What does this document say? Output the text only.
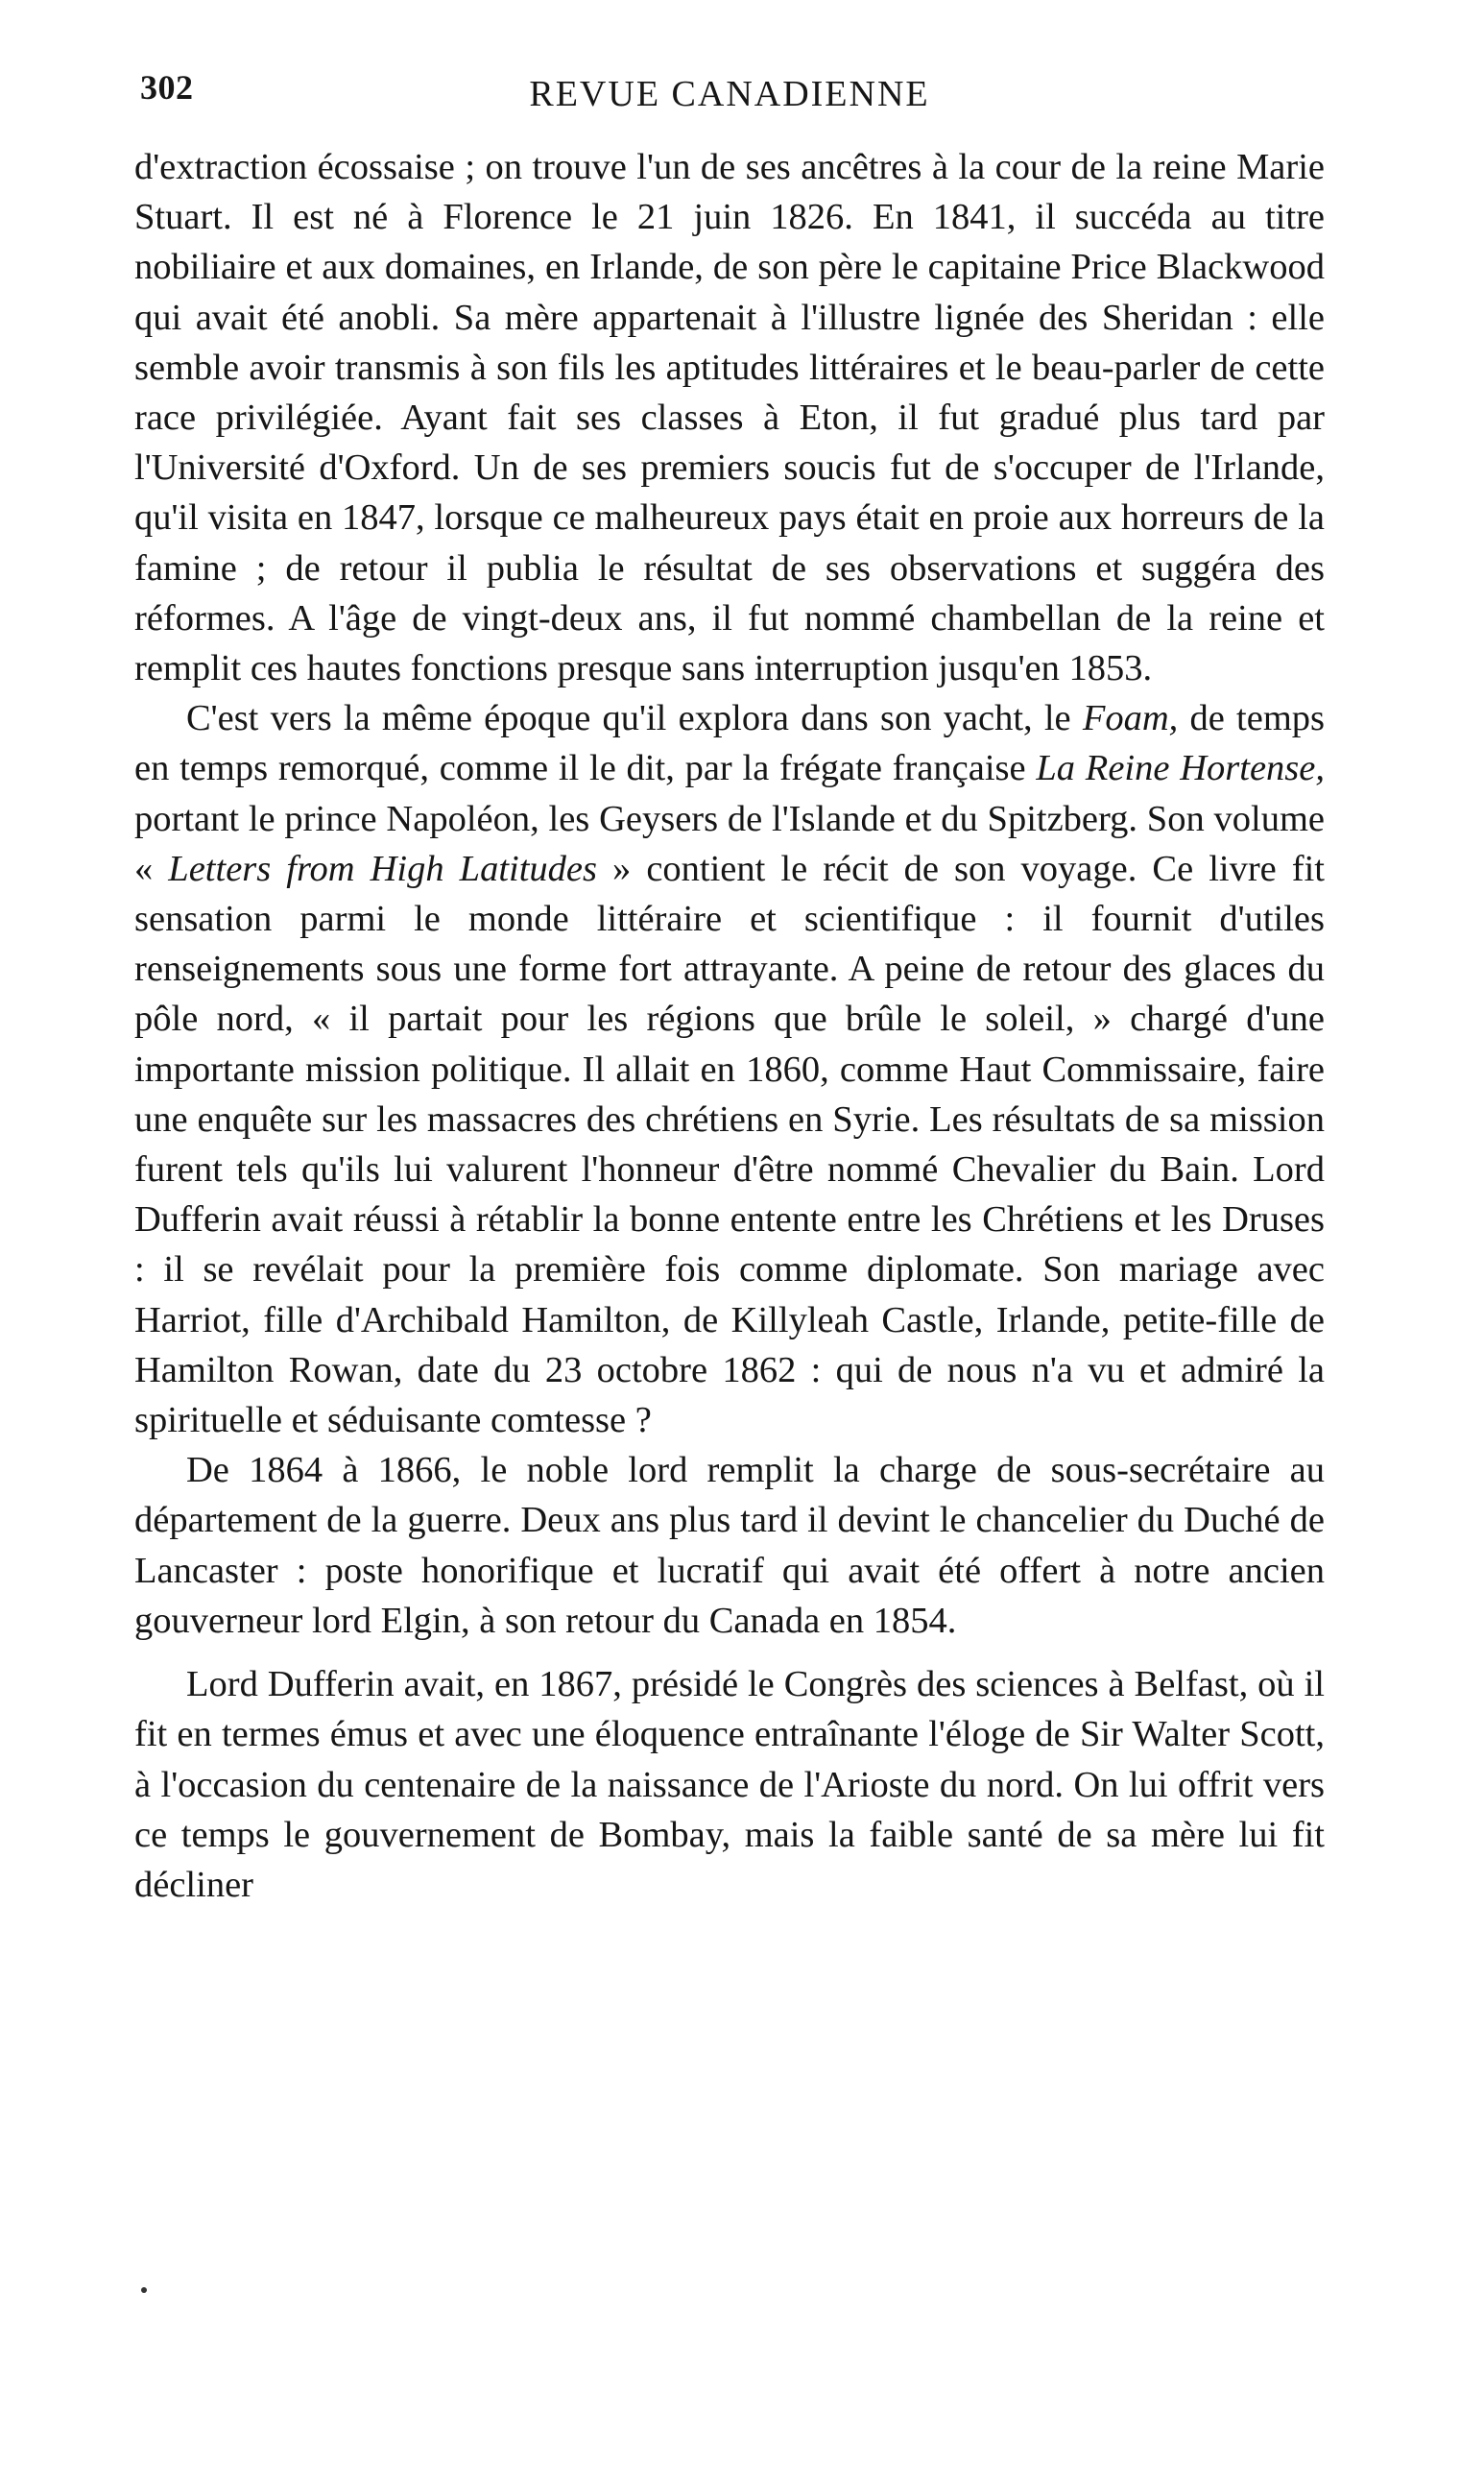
302	REVUE CANADIENNE

d'extraction écossaise ; on trouve l'un de ses ancêtres à la cour de la reine Marie Stuart. Il est né à Florence le 21 juin 1826. En 1841, il succéda au titre nobiliaire et aux domaines, en Irlande, de son père le capitaine Price Blackwood qui avait été anobli. Sa mère appartenait à l'illustre lignée des Sheridan : elle semble avoir transmis à son fils les aptitudes littéraires et le beau-parler de cette race privilégiée. Ayant fait ses classes à Eton, il fut gradué plus tard par l'Université d'Oxford. Un de ses premiers soucis fut de s'occuper de l'Irlande, qu'il visita en 1847, lorsque ce malheureux pays était en proie aux horreurs de la famine ; de retour il publia le résultat de ses observations et suggéra des réformes. A l'âge de vingt-deux ans, il fut nommé chambellan de la reine et remplit ces hautes fonctions presque sans interruption jusqu'en 1853.

C'est vers la même époque qu'il explora dans son yacht, le Foam, de temps en temps remorqué, comme il le dit, par la frégate française La Reine Hortense, portant le prince Napoléon, les Geysers de l'Islande et du Spitzberg. Son volume « Letters from High Latitudes » contient le récit de son voyage. Ce livre fit sensation parmi le monde littéraire et scientifique : il fournit d'utiles renseignements sous une forme fort attrayante. A peine de retour des glaces du pôle nord, « il partait pour les régions que brûle le soleil, » chargé d'une importante mission politique. Il allait en 1860, comme Haut Commissaire, faire une enquête sur les massacres des chrétiens en Syrie. Les résultats de sa mission furent tels qu'ils lui valurent l'honneur d'être nommé Chevalier du Bain. Lord Dufferin avait réussi à rétablir la bonne entente entre les Chrétiens et les Druses : il se revélait pour la première fois comme diplomate. Son mariage avec Harriot, fille d'Archibald Hamilton, de Killyleah Castle, Irlande, petite-fille de Hamilton Rowan, date du 23 octobre 1862 : qui de nous n'a vu et admiré la spirituelle et séduisante comtesse ?

De 1864 à 1866, le noble lord remplit la charge de sous-secrétaire au département de la guerre. Deux ans plus tard il devint le chancelier du Duché de Lancaster : poste honorifique et lucratif qui avait été offert à notre ancien gouverneur lord Elgin, à son retour du Canada en 1854.

Lord Dufferin avait, en 1867, présidé le Congrès des sciences à Belfast, où il fit en termes émus et avec une éloquence entraînante l'éloge de Sir Walter Scott, à l'occasion du centenaire de la naissance de l'Arioste du nord. On lui offrit vers ce temps le gouvernement de Bombay, mais la faible santé de sa mère lui fit décliner
